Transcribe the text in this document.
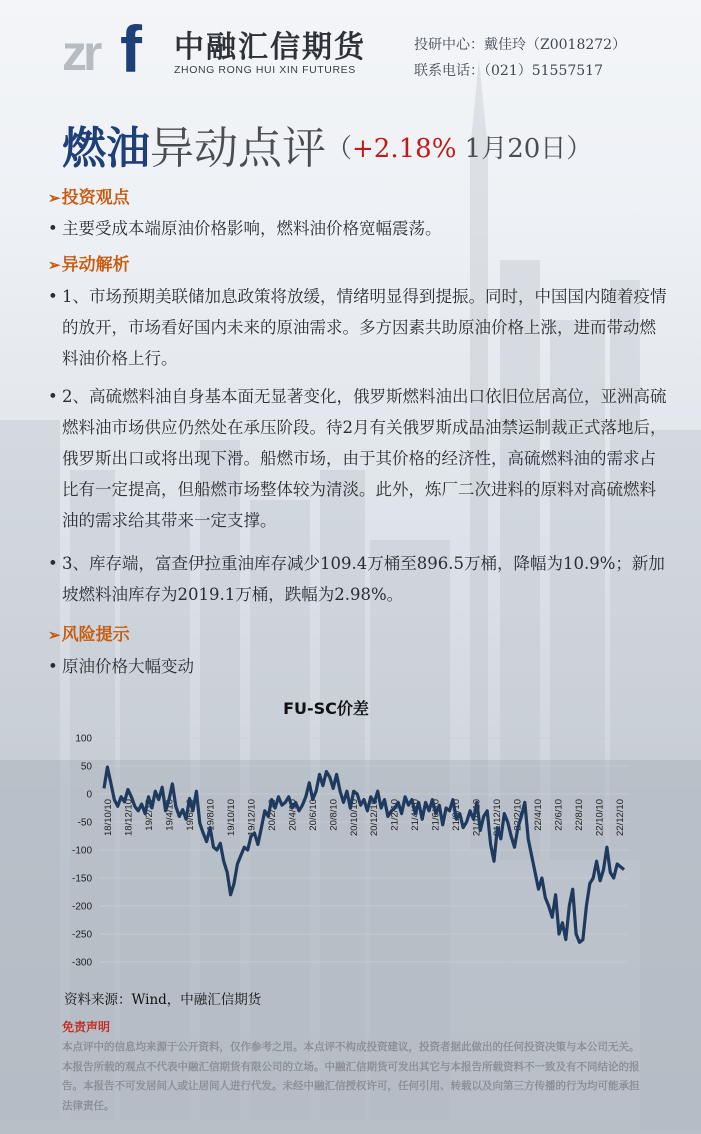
zr f 中融汇信期货
ZHONG RONG HUI XIN FUTURES
投研中心：戴佳玲（Z0018272）
联系电话：（021）51557517
燃油异动点评（+2.18% 1月20日）
➢投资观点
• 主要受成本端原油价格影响，燃料油价格宽幅震荡。
➢异动解析
• 1、市场预期美联储加息政策将放缓，情绪明显得到提振。同时，中国国内随着疫情的放开，市场看好国内未来的原油需求。多方因素共助原油价格上涨，进而带动燃料油价格上行。
• 2、高硫燃料油自身基本面无显著变化，俄罗斯燃料油出口依旧位居高位，亚洲高硫燃料油市场供应仍然处在承压阶段。待2月有关俄罗斯成品油禁运制裁正式落地后，俄罗斯出口或将出现下滑。船燃市场，由于其价格的经济性，高硫燃料油的需求占比有一定提高，但船燃市场整体较为清淡。此外，炼厂二次进料的原料对高硫燃料油的需求给其带来一定支撑。
• 3、库存端，富查伊拉重油库存减少109.4万桶至896.5万桶，降幅为10.9%；新加坡燃料油库存为2019.1万桶，跌幅为2.98%。
➢风险提示
• 原油价格大幅变动
FU-SC价差
100
50
0
-50
-100
-150
-200
-250
-300
18/10/10 18/12/10 19/2/10 19/4/10 19/6/10 19/8/10 19/10/10 19/12/10 20/2/10 20/4/10 20/6/10 20/8/10 20/10/10 20/12/10 21/2/10 21/4/10 21/6/10 21/8/10 21/10/10 21/12/10 22/2/10 22/4/10 22/6/10 22/8/10 22/10/10 22/12/10
资料来源：Wind，中融汇信期货
免责声明
本点评中的信息均来源于公开资料，仅作参考之用。本点评不构成投资建议，投资者据此做出的任何投资决策与本公司无关。本报告所载的观点不代表中融汇信期货有限公司的立场。中融汇信期货可发出其它与本报告所载资料不一致及有不同结论的报告。本报告不可发居间人或让居间人进行代发。未经中融汇信授权许可，任何引用、转载以及向第三方传播的行为均可能承担法律责任。
